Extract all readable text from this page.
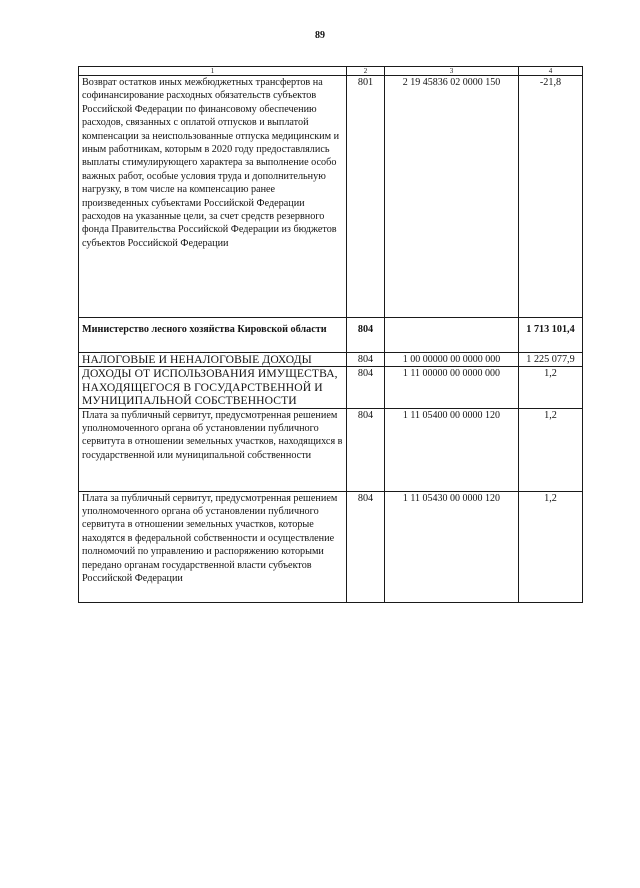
89
1	2	3	4
Возврат остатков иных межбюджетных трансфертов на софинансирование расходных обязательств субъектов Российской Федерации по финансовому обеспечению расходов, связанных с оплатой отпусков и выплатой компенсации за неиспользованные отпуска медицинским и иным работникам, которым в 2020 году предоставлялись выплаты стимулирующего характера за выполнение особо важных работ, особые условия труда и дополнительную нагрузку, в том числе на компенсацию ранее произведенных субъектами Российской Федерации расходов на указанные цели, за счет средств резервного фонда Правительства Российской Федерации из бюджетов субъектов Российской Федерации	801	2 19 45836 02 0000 150	-21,8
Министерство лесного хозяйства Кировской области	804		1 713 101,4
НАЛОГОВЫЕ И НЕНАЛОГОВЫЕ ДОХОДЫ	804	1 00 00000 00 0000 000	1 225 077,9
ДОХОДЫ ОТ ИСПОЛЬЗОВАНИЯ ИМУЩЕСТВА, НАХОДЯЩЕГОСЯ В ГОСУДАРСТВЕННОЙ И МУНИЦИПАЛЬНОЙ СОБСТВЕННОСТИ	804	1 11 00000 00 0000 000	1,2
Плата за публичный сервитут, предусмотренная решением уполномоченного органа об установлении публичного сервитута в отношении земельных участков, находящихся в государственной или муниципальной собственности	804	1 11 05400 00 0000 120	1,2
Плата за публичный сервитут, предусмотренная решением уполномоченного органа об установлении публичного сервитута в отношении земельных участков, которые находятся в федеральной собственности и осуществление полномочий по управлению и распоряжению которыми передано органам государственной власти субъектов Российской Федерации	804	1 11 05430 00 0000 120	1,2
